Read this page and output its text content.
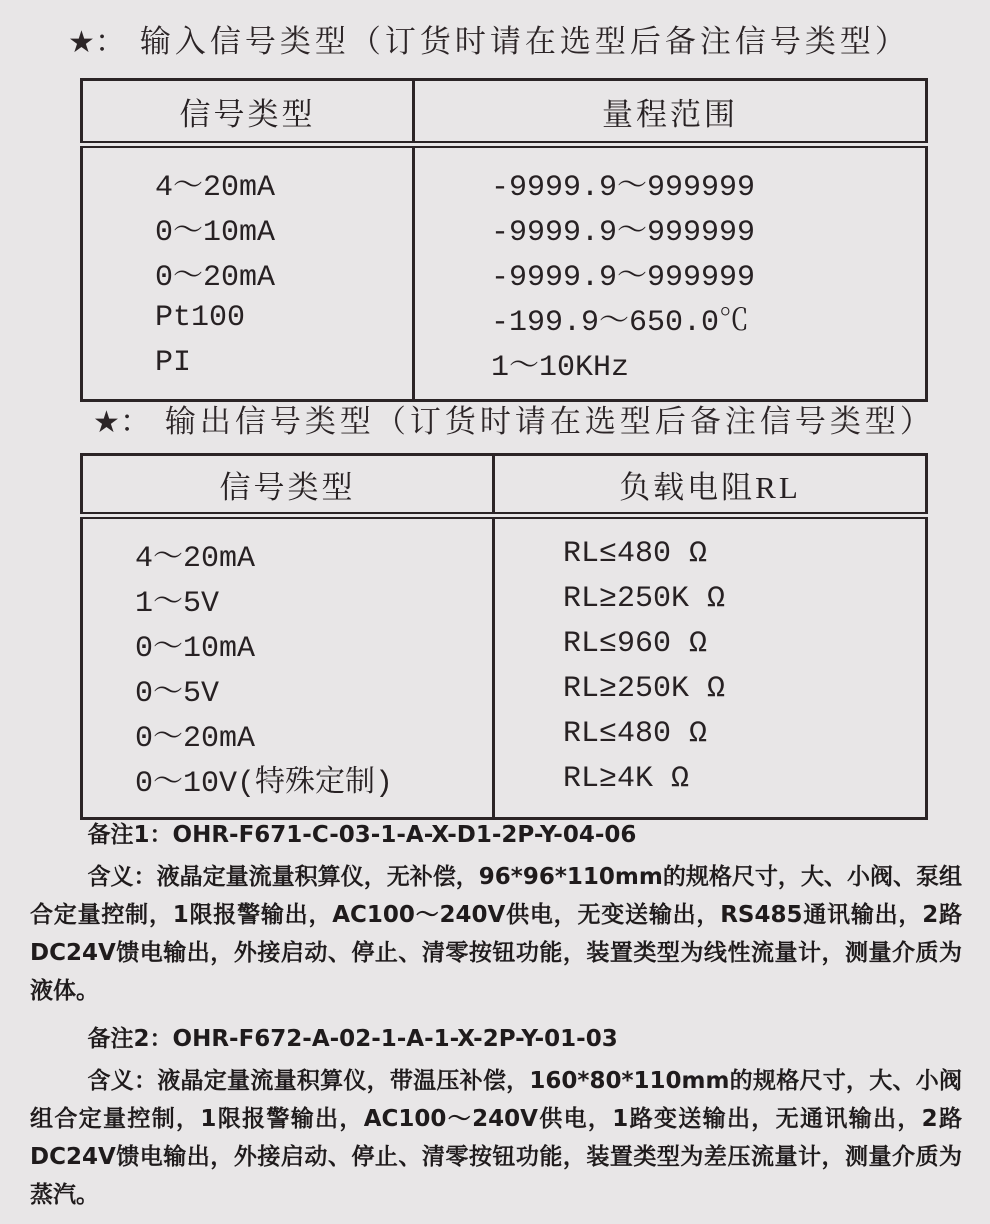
★： 输入信号类型（订货时请在选型后备注信号类型）
信号类型	量程范围
4～20mA	-9999.9～999999
0～10mA	-9999.9～999999
0～20mA	-9999.9～999999
Pt100	-199.9～650.0℃
PI	1～10KHz
★： 输出信号类型（订货时请在选型后备注信号类型）
信号类型	负载电阻RL
4～20mA	RL≤480 Ω
1～5V	RL≥250K Ω
0～10mA	RL≤960 Ω
0～5V	RL≥250K Ω
0～20mA	RL≤480 Ω
0～10V(特殊定制)	RL≥4K Ω

备注1：OHR-F671-C-03-1-A-X-D1-2P-Y-04-06

含义：液晶定量流量积算仪，无补偿，96*96*110mm的规格尺寸，大、小阀、泵组合定量控制，1限报警输出，AC100～240V供电，无变送输出，RS485通讯输出，2路DC24V馈电输出，外接启动、停止、清零按钮功能，装置类型为线性流量计，测量介质为液体。

备注2：OHR-F672-A-02-1-A-1-X-2P-Y-01-03

含义：液晶定量流量积算仪，带温压补偿，160*80*110mm的规格尺寸，大、小阀组合定量控制，1限报警输出，AC100～240V供电，1路变送输出，无通讯输出，2路DC24V馈电输出，外接启动、停止、清零按钮功能，装置类型为差压流量计，测量介质为蒸汽。
